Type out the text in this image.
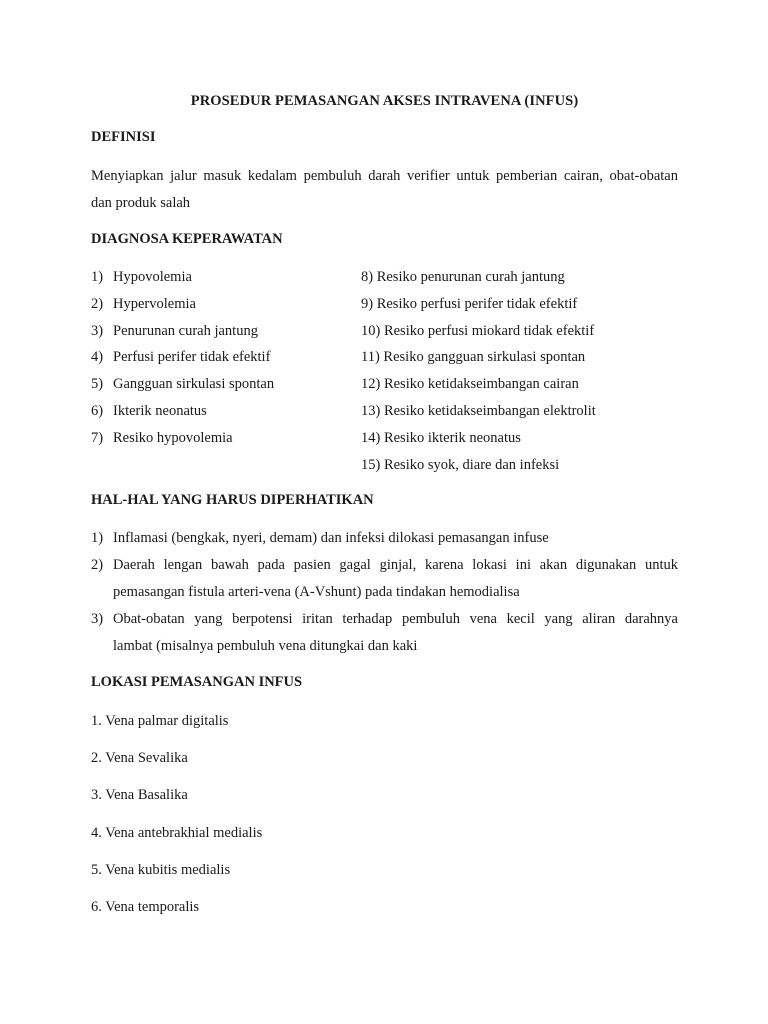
PROSEDUR PEMASANGAN AKSES INTRAVENA (INFUS)
DEFINISI
Menyiapkan jalur masuk kedalam pembuluh darah verifier untuk pemberian cairan, obat-obatan
dan produk salah
DIAGNOSA KEPERAWATAN
1) Hypovolemia
2) Hypervolemia
3) Penurunan curah jantung
4) Perfusi perifer tidak efektif
5) Gangguan sirkulasi spontan
6) Ikterik neonatus
7) Resiko hypovolemia
8) Resiko penurunan curah jantung
9) Resiko perfusi perifer tidak efektif
10) Resiko perfusi miokard tidak efektif
11) Resiko gangguan sirkulasi spontan
12) Resiko ketidakseimbangan cairan
13) Resiko ketidakseimbangan elektrolit
14) Resiko ikterik neonatus
15) Resiko syok, diare dan infeksi
HAL-HAL YANG HARUS DIPERHATIKAN
1) Inflamasi (bengkak, nyeri, demam) dan infeksi dilokasi pemasangan infuse
2) Daerah lengan bawah pada pasien gagal ginjal, karena lokasi ini akan digunakan untuk
pemasangan fistula arteri-vena (A-Vshunt) pada tindakan hemodialisa
3) Obat-obatan yang berpotensi iritan terhadap pembuluh vena kecil yang aliran darahnya
lambat (misalnya pembuluh vena ditungkai dan kaki
LOKASI PEMASANGAN INFUS
1. Vena palmar digitalis
2. Vena Sevalika
3. Vena Basalika
4. Vena antebrakhial medialis
5. Vena kubitis medialis
6. Vena temporalis
